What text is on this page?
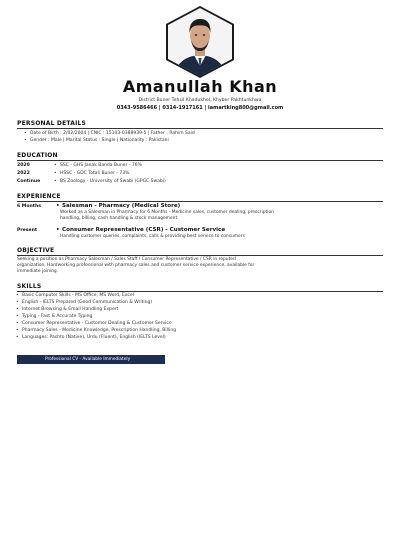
Amanullah Khan
District Buner Tehsil Khadukhel, Khyber Pakhtunkhwa
0343-9586466 | 0314-1917161 | iamartking800@gmail.com
PERSONAL DETAILS
• Date of Birth : 2/02/2004 | CNIC : 15103-0388939-5 | Father : Rahim Said
• Gender : Male | Marital Status : Single | Nationality : Pakistani
EDUCATION
2020	• SSC - GHS Janak Banda Buner - 76%
2022	• HSSC - GDC Totali Buner - 73%
Continue	• BS Zoology - University of Swabi (GPGC Swabi)
EXPERIENCE
6 Months	• Salesman - Pharmacy (Medical Store)
Worked as a Salesman in Pharmacy for 6 Months - Medicine sales, customer dealing, prescription handling, billing, cash handling & stock management
Present	• Consumer Representative (CSR) - Customer Service
Handling customer queries, complaints, calls & providing best service to consumers
OBJECTIVE
Seeking a position as Pharmacy Salesman / Sales Staff / Consumer Representative / CSR in reputed organization. Hardworking professional with pharmacy sales and customer service experience, available for immediate joining.
SKILLS
• Basic Computer Skills - MS Office, MS Word, Excel
• English - IELTS Prepared (Good Communication & Writing)
• Internet Browsing & Email Handling Expert
• Typing - Fast & Accurate Typing
• Consumer Representative - Customer Dealing & Customer Service
• Pharmacy Sales - Medicine Knowledge, Prescription Handling, Billing
• Languages: Pashto (Native), Urdu (Fluent), English (IELTS Level)
Professional CV - Available Immediately
